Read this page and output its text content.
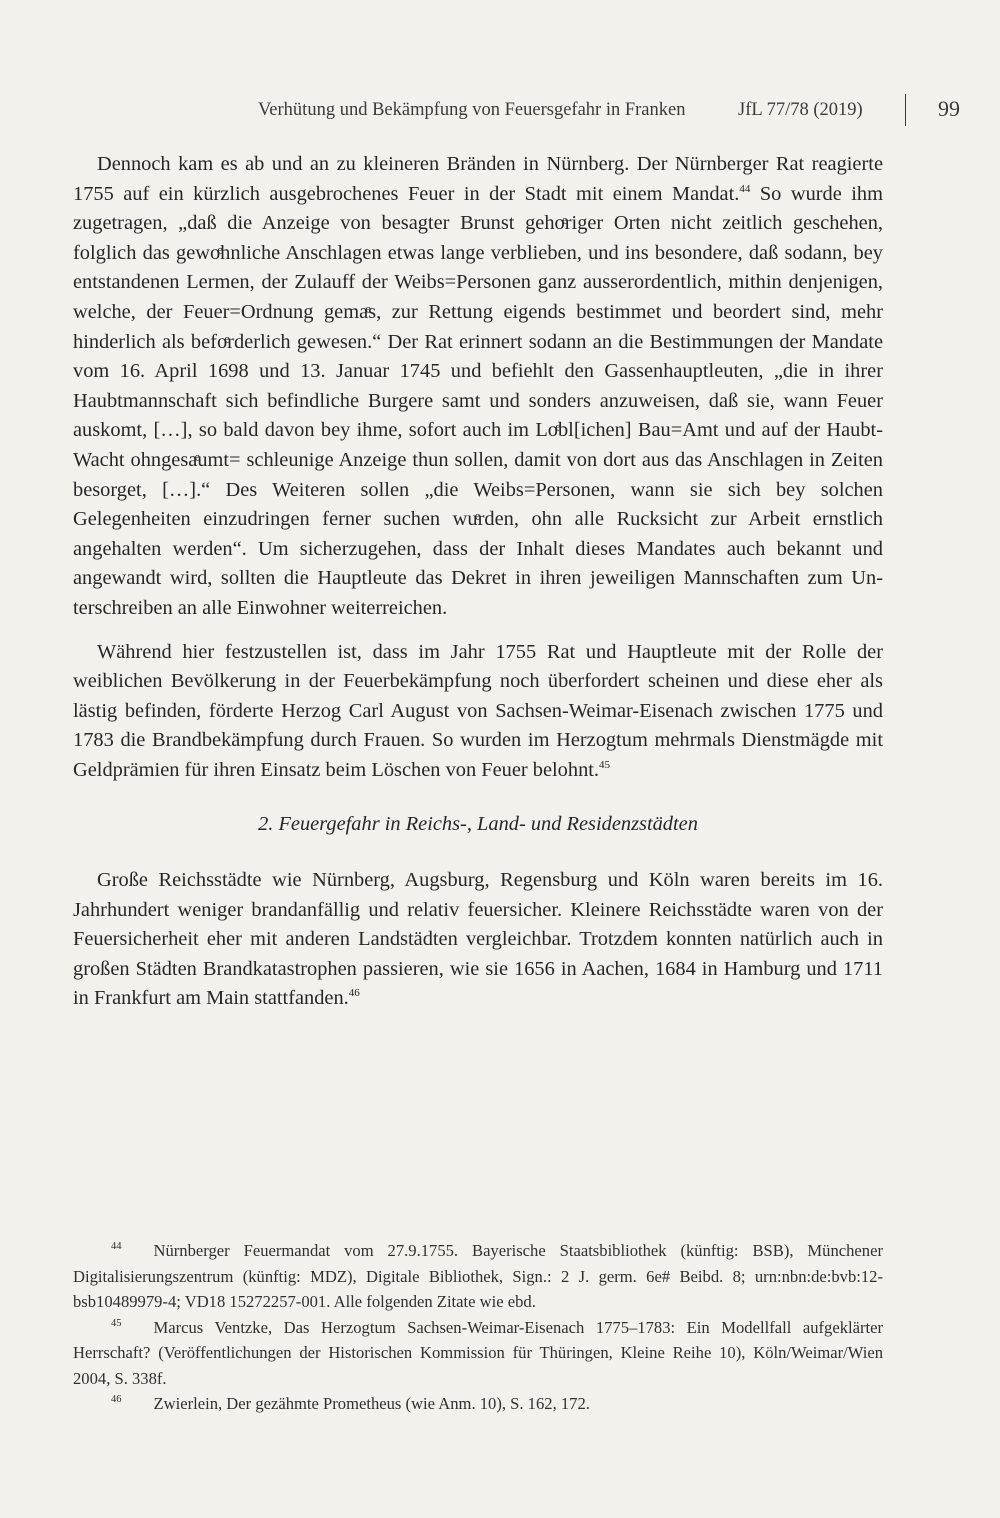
Verhütung und Bekämpfung von Feuersgefahr in Franken	JfL 77/78 (2019)	99

Dennoch kam es ab und an zu kleineren Bränden in Nürnberg. Der Nürnberger Rat reagierte 1755 auf ein kürzlich ausgebrochenes Feuer in der Stadt mit einem Mandat.$^{44}$ So wurde ihm zugetragen, „daß die Anzeige von besagter Brunst gehoͤriger Orten nicht zeitlich geschehen, folglich das gewoͤhnliche Anschlagen etwas lange verblieben, und ins besondere, daß sodann, bey entstandenen Lermen, der Zulauff der Weibs=Personen ganz ausserordentlich, mithin denjenigen, welche, der Feuer=Ordnung gemaͤs, zur Rettung eigends bestimmet und beordert sind, mehr hinderlich als befoͤrderlich gewesen.“ Der Rat erinnert sodann an die Bestimmungen der Mandate vom 16. April 1698 und 13. Januar 1745 und befiehlt den Gassenhauptleuten, „die in ihrer Haubtmannschaft sich befindliche Burgere samt und sonders anzuweisen, daß sie, wann Feuer auskomt, […], so bald davon bey ihme, sofort auch im Loͤbl[ichen] Bau=Amt und auf der Haubt-Wacht ohngesaͤumt= schleunige Anzeige thun sollen, damit von dort aus das Anschlagen in Zeiten besorget, […].“ Des Weiteren sollen „die Weibs=Personen, wann sie sich bey solchen Gelegenheiten einzudringen ferner suchen wuͤrden, ohn alle Rucksicht zur Arbeit ernstlich angehalten werden“. Um sicherzugehen, dass der Inhalt dieses Mandates auch bekannt und angewandt wird, sollten die Hauptleute das Dekret in ihren jeweiligen Mannschaften zum Unterschreiben an alle Einwohner weiterreichen.

Während hier festzustellen ist, dass im Jahr 1755 Rat und Hauptleute mit der Rolle der weiblichen Bevölkerung in der Feuerbekämpfung noch überfordert scheinen und diese eher als lästig befinden, förderte Herzog Carl August von Sachsen-Weimar-Eisenach zwischen 1775 und 1783 die Brandbekämpfung durch Frauen. So wurden im Herzogtum mehrmals Dienstmägde mit Geldprämien für ihren Einsatz beim Löschen von Feuer belohnt.$^{45}$

2. Feuergefahr in Reichs-, Land- und Residenzstädten

Große Reichsstädte wie Nürnberg, Augsburg, Regensburg und Köln waren bereits im 16. Jahrhundert weniger brandanfällig und relativ feuersicher. Kleinere Reichsstädte waren von der Feuersicherheit eher mit anderen Landstädten vergleichbar. Trotzdem konnten natürlich auch in großen Städten Brandkatastrophen passieren, wie sie 1656 in Aachen, 1684 in Hamburg und 1711 in Frankfurt am Main stattfanden.$^{46}$

$^{44}$ Nürnberger Feuermandat vom 27.9.1755. Bayerische Staatsbibliothek (künftig: BSB), Münchener Digitalisierungszentrum (künftig: MDZ), Digitale Bibliothek, Sign.: 2 J. germ. 6e# Beibd. 8; urn:nbn:de:bvb:12-bsb10489979-4; VD18 15272257-001. Alle folgenden Zitate wie ebd.

$^{45}$ Marcus Ventzke, Das Herzogtum Sachsen-Weimar-Eisenach 1775–1783: Ein Modellfall aufgeklärter Herrschaft? (Veröffentlichungen der Historischen Kommission für Thüringen, Kleine Reihe 10), Köln/Weimar/Wien 2004, S. 338f.

$^{46}$ Zwierlein, Der gezähmte Prometheus (wie Anm. 10), S. 162, 172.
